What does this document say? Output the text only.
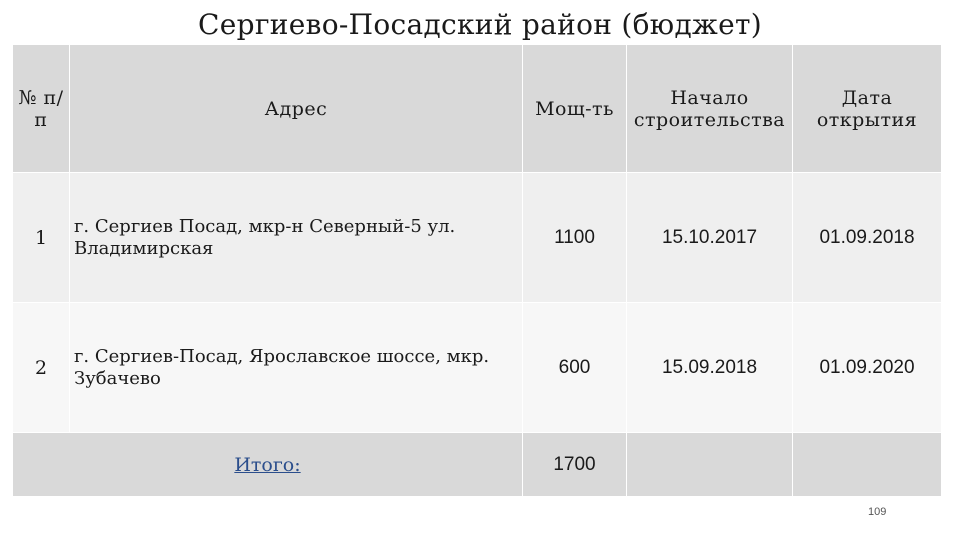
Сергиево-Посадский район (бюджет)
№ п/п	Адрес	Мощ-ть	Начало строительства	Дата открытия
1	г. Сергиев Посад, мкр-н Северный-5 ул. Владимирская	1100	15.10.2017	01.09.2018
2	г. Сергиев-Посад, Ярославское шоссе, мкр. Зубачево	600	15.09.2018	01.09.2020
Итого:		1700		
109
